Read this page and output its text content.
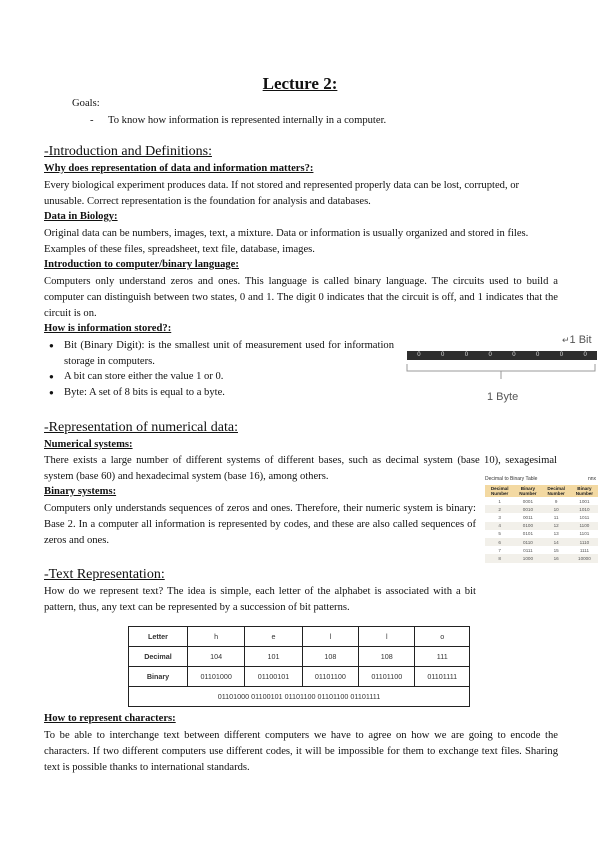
Lecture 2:
Goals:
- To know how information is represented internally in a computer.
-Introduction and Definitions:
Why does representation of data and information matters?:
Every biological experiment produces data. If not stored and represented properly data can be lost, corrupted, or unusable. Correct representation is the foundation for analysis and databases.
Data in Biology:
Original data can be numbers, images, text, a mixture. Data or information is usually organized and stored in files. Examples of these files, spreadsheet, text file, database, images.
Introduction to computer/binary language:
Computers only understand zeros and ones. This language is called binary language. The circuits used to build a computer can distinguish between two states, 0 and 1. The digit 0 indicates that the circuit is off, and 1 indicates that the circuit is on.
How is information stored?:
● Bit (Binary Digit): is the smallest unit of measurement used for information storage in computers.
● A bit can store either the value 1 or 0.
● Byte: A set of 8 bits is equal to a byte.
↵1 Bit
0	0	0	0	0	0	0	0
1 Byte
-Representation of numerical data:
Numerical systems:
There exists a large number of different systems of different bases, such as decimal system (base 10), sexagesimal system (base 60) and hexadecimal system (base 16), among others.
Binary systems:
Computers only understands sequences of zeros and ones. Therefore, their numeric system is binary: Base 2. In a computer all information is represented by codes, and these are also called sequences of zeros and ones.
Decimal to Binary Table	nnx
Decimal Number	Binary Number	Decimal Number	Binary Number
1	0001	9	1001
2	0010	10	1010
3	0011	11	1011
4	0100	12	1100
5	0101	13	1101
6	0110	14	1110
7	0111	15	1111
8	1000	16	10000
-Text Representation:
How do we represent text? The idea is simple, each letter of the alphabet is associated with a bit pattern, thus, any text can be represented by a succession of bit patterns.
Letter	h	e	l	l	o
Decimal	104	101	108	108	111
Binary	01101000	01100101	01101100	01101100	01101111
01101000 01100101 01101100 01101100 01101111
How to represent characters:
To be able to interchange text between different computers we have to agree on how we are going to encode the characters. If two different computers use different codes, it will be impossible for them to exchange text files. Sharing text is possible thanks to international standards.
